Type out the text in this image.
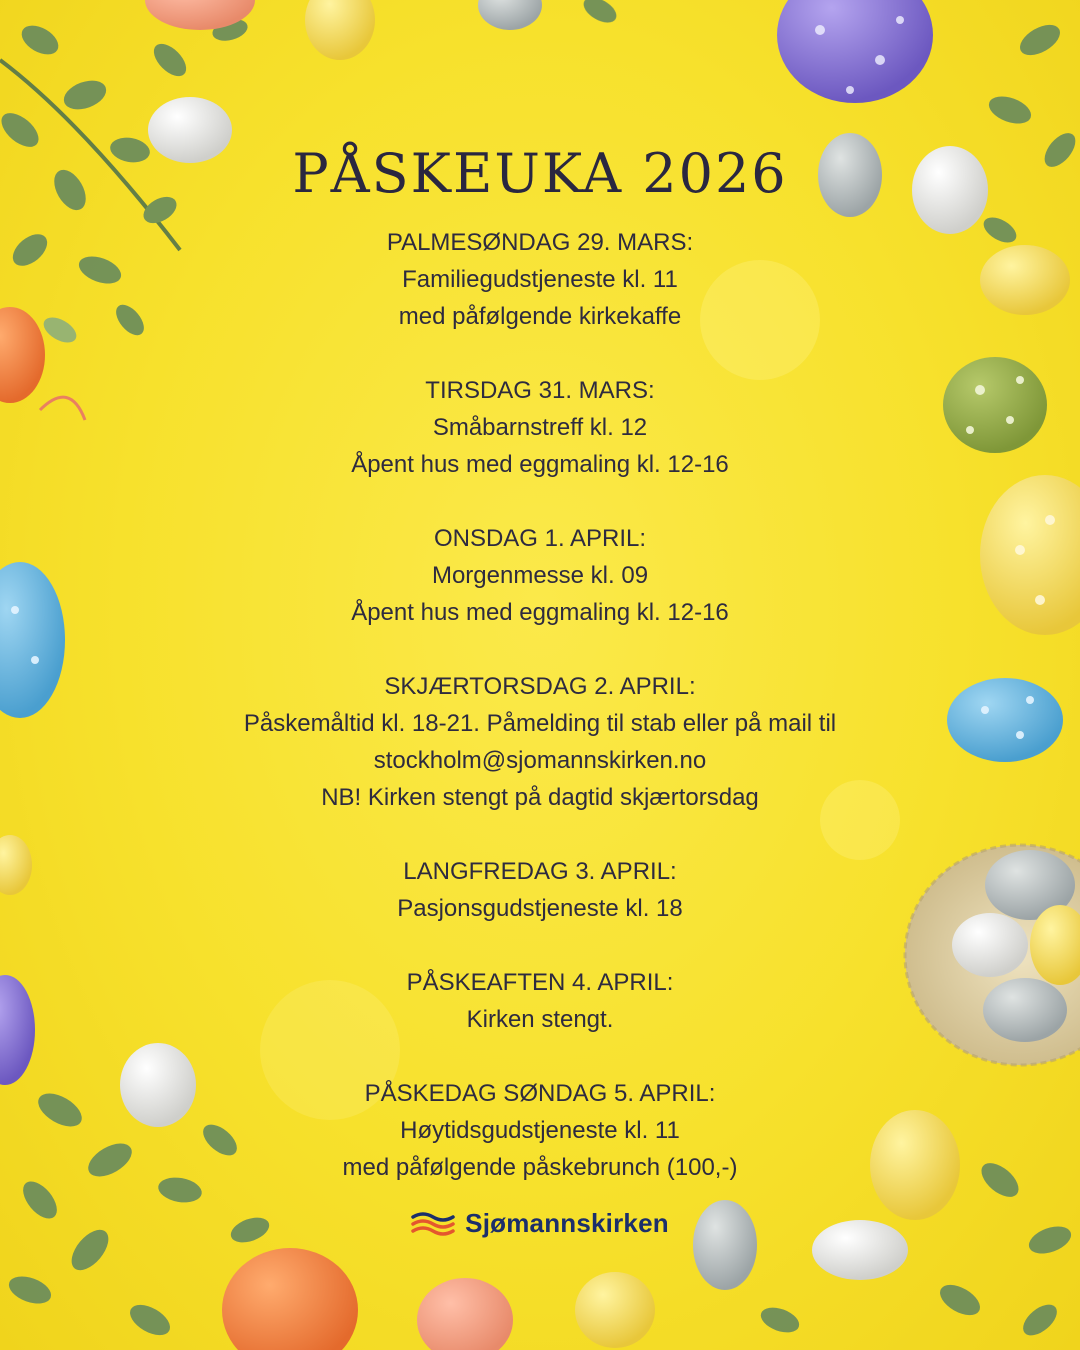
PÅSKEUKA 2026
PALMESØNDAG 29. MARS:
Familiegudstjeneste kl. 11
med påfølgende kirkekaffe
TIRSDAG 31. MARS:
Småbarnstreff kl. 12
Åpent hus med eggmaling kl. 12-16
ONSDAG 1. APRIL:
Morgenmesse kl. 09
Åpent hus med eggmaling kl. 12-16
SKJÆRTORSDAG 2. APRIL:
Påskemåltid kl. 18-21. Påmelding til stab eller på mail til
stockholm@sjomannskirken.no
NB! Kirken stengt på dagtid skjærtorsdag
LANGFREDAG 3. APRIL:
Pasjonsgudstjeneste kl. 18
PÅSKEAFTEN 4. APRIL:
Kirken stengt.
PÅSKEDAG SØNDAG 5. APRIL:
Høytidsgudstjeneste kl. 11
med påfølgende påskebrunch (100,-)
Sjømannskirken
